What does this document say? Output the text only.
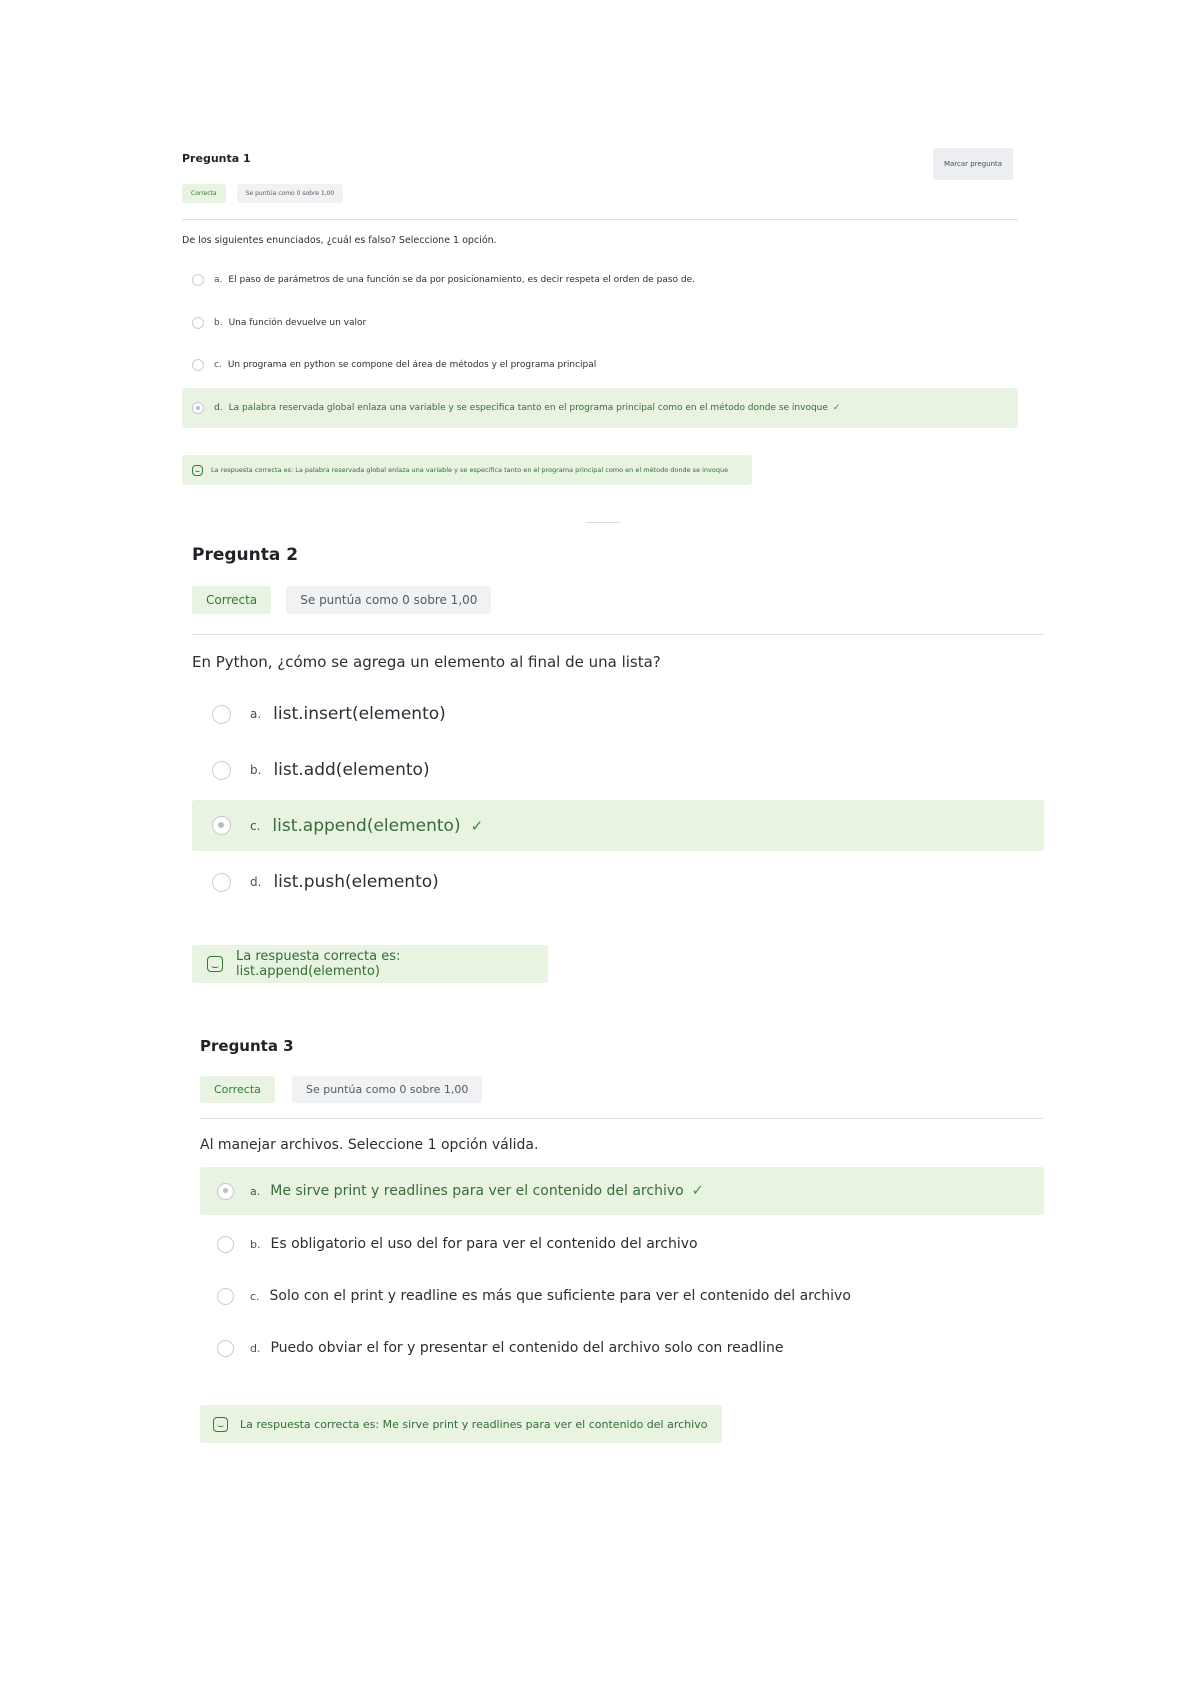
Pregunta 1
Correcta	Se puntúa como 0 sobre 1,00
Marcar pregunta
De los siguientes enunciados, ¿cuál es falso? Seleccione 1 opción.
a. El paso de parámetros de una función se da por posicionamiento, es decir respeta el orden de paso de.
b. Una función devuelve un valor
c. Un programa en python se compone del área de métodos y el programa principal
d. La palabra reservada global enlaza una variable y se especifica tanto en el programa principal como en el método donde se invoque ✓
La respuesta correcta es: La palabra reservada global enlaza una variable y se especifica tanto en el programa principal como en el método donde se invoque
Pregunta 2
Correcta	Se puntúa como 0 sobre 1,00
En Python, ¿cómo se agrega un elemento al final de una lista?
a. list.insert(elemento)
b. list.add(elemento)
c. list.append(elemento) ✓
d. list.push(elemento)
La respuesta correcta es: list.append(elemento)
Pregunta 3
Correcta	Se puntúa como 0 sobre 1,00
Al manejar archivos. Seleccione 1 opción válida.
a. Me sirve print y readlines para ver el contenido del archivo ✓
b. Es obligatorio el uso del for para ver el contenido del archivo
c. Solo con el print y readline es más que suficiente para ver el contenido del archivo
d. Puedo obviar el for y presentar el contenido del archivo solo con readline
La respuesta correcta es: Me sirve print y readlines para ver el contenido del archivo
